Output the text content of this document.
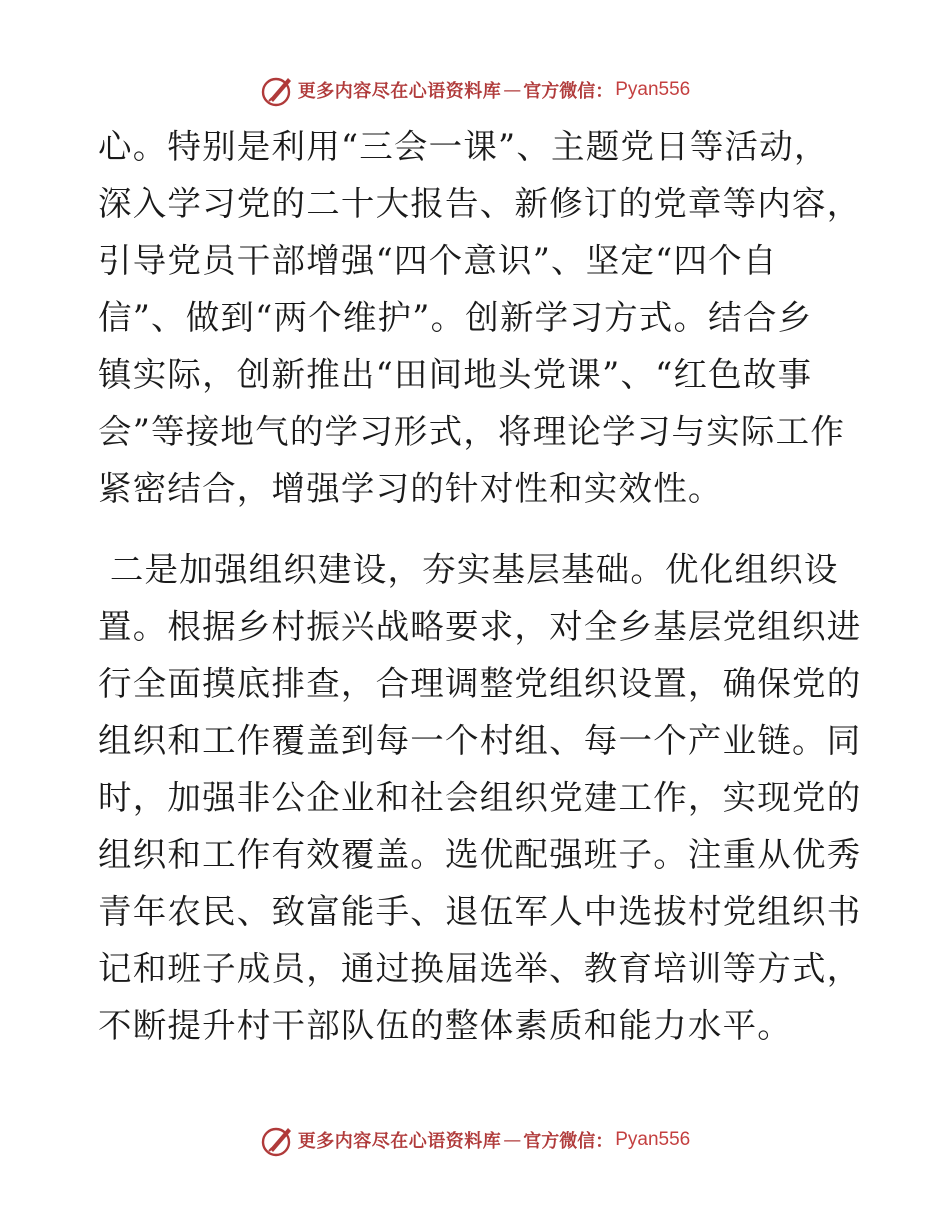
更多内容尽在心语资料库 — 官方微信： Pyan556
心。特别是利用“三会一课”、主题党日等活动，
深入学习党的二十大报告、新修订的党章等内容，
引导党员干部增强“四个意识”、坚定“四个自
信”、做到“两个维护”。创新学习方式。结合乡
镇实际，创新推出“田间地头党课”、“红色故事
会”等接地气的学习形式，将理论学习与实际工作
紧密结合，增强学习的针对性和实效性。
二是加强组织建设，夯实基层基础。优化组织设
置。根据乡村振兴战略要求，对全乡基层党组织进
行全面摸底排查，合理调整党组织设置，确保党的
组织和工作覆盖到每一个村组、每一个产业链。同
时，加强非公企业和社会组织党建工作，实现党的
组织和工作有效覆盖。选优配强班子。注重从优秀
青年农民、致富能手、退伍军人中选拔村党组织书
记和班子成员，通过换届选举、教育培训等方式，
不断提升村干部队伍的整体素质和能力水平。
更多内容尽在心语资料库 — 官方微信： Pyan556
